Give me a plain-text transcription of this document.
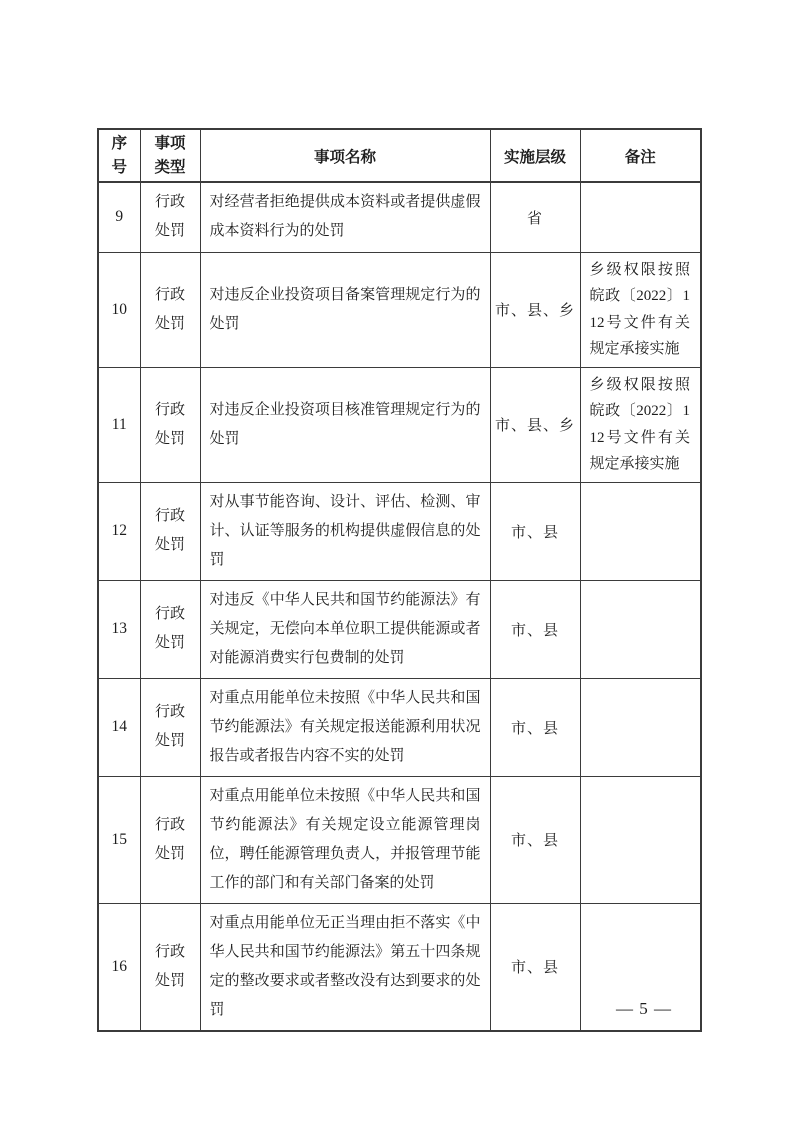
序号	事项类型	事项名称	实施层级	备注
9	行政处罚	对经营者拒绝提供成本资料或者提供虚假成本资料行为的处罚	省	
10	行政处罚	对违反企业投资项目备案管理规定行为的处罚	市、县、乡	乡级权限按照皖政〔2022〕112号文件有关规定承接实施
11	行政处罚	对违反企业投资项目核准管理规定行为的处罚	市、县、乡	乡级权限按照皖政〔2022〕112号文件有关规定承接实施
12	行政处罚	对从事节能咨询、设计、评估、检测、审计、认证等服务的机构提供虚假信息的处罚	市、县	
13	行政处罚	对违反《中华人民共和国节约能源法》有关规定，无偿向本单位职工提供能源或者对能源消费实行包费制的处罚	市、县	
14	行政处罚	对重点用能单位未按照《中华人民共和国节约能源法》有关规定报送能源利用状况报告或者报告内容不实的处罚	市、县	
15	行政处罚	对重点用能单位未按照《中华人民共和国节约能源法》有关规定设立能源管理岗位，聘任能源管理负责人，并报管理节能工作的部门和有关部门备案的处罚	市、县	
16	行政处罚	对重点用能单位无正当理由拒不落实《中华人民共和国节约能源法》第五十四条规定的整改要求或者整改没有达到要求的处罚	市、县	
— 5 —
